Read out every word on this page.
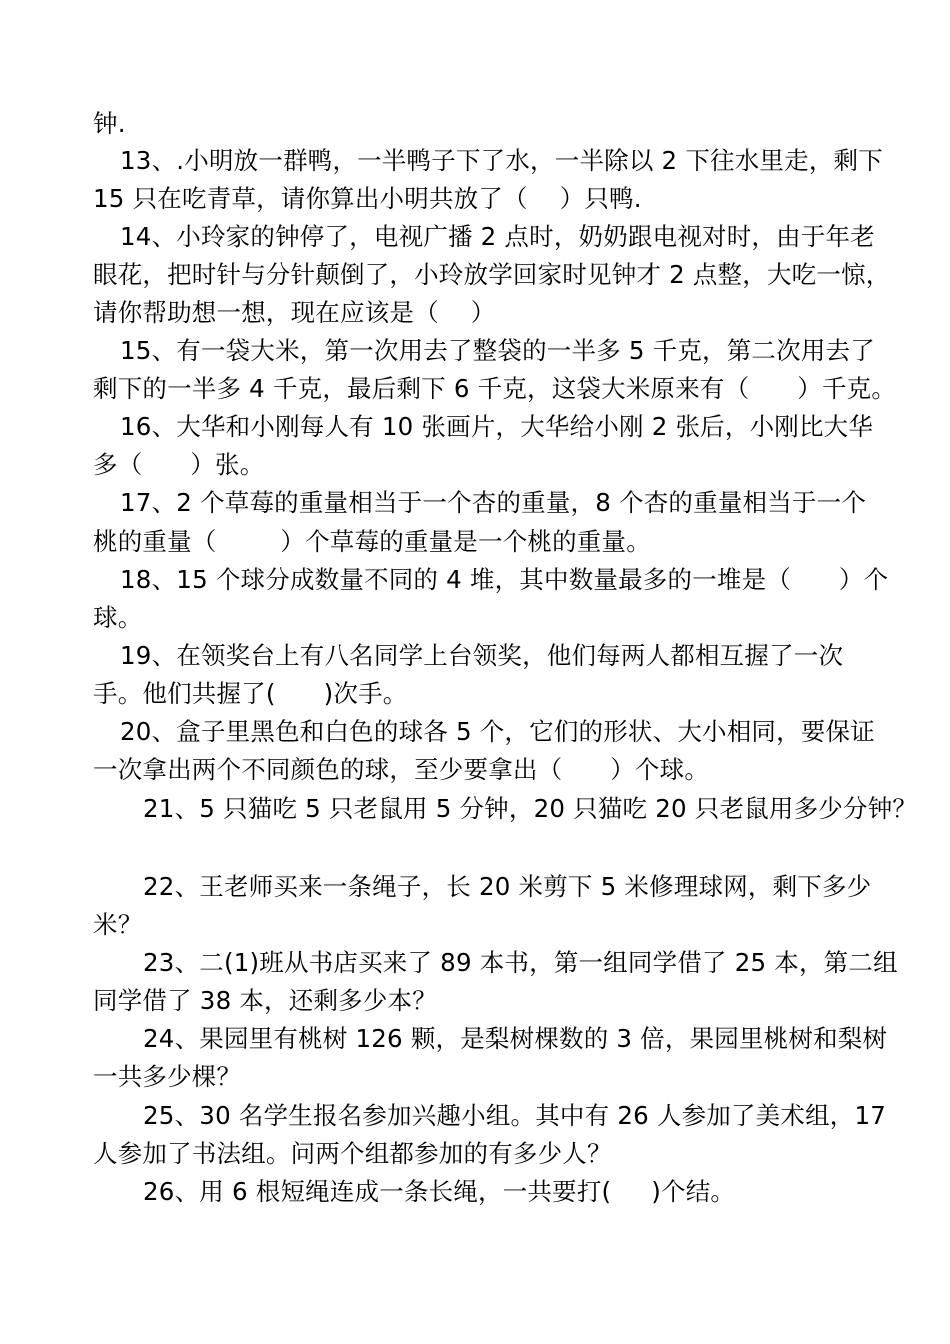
钟.
13、.小明放一群鸭，一半鸭子下了水，一半除以 2 下往水里走，剩下
15 只在吃青草，请你算出小明共放了（    ）只鸭.
14、小玲家的钟停了，电视广播 2 点时，奶奶跟电视对时，由于年老
眼花，把时针与分针颠倒了，小玲放学回家时见钟才 2 点整，大吃一惊，
请你帮助想一想，现在应该是（    ）
15、有一袋大米，第一次用去了整袋的一半多 5 千克，第二次用去了
剩下的一半多 4 千克，最后剩下 6 千克，这袋大米原来有（      ）千克。
16、大华和小刚每人有 10 张画片，大华给小刚 2 张后，小刚比大华
多（      ）张。
17、2 个草莓的重量相当于一个杏的重量，8 个杏的重量相当于一个
桃的重量（        ）个草莓的重量是一个桃的重量。
18、15 个球分成数量不同的 4 堆，其中数量最多的一堆是（      ）个
球。
19、在领奖台上有八名同学上台领奖，他们每两人都相互握了一次
手。他们共握了(      )次手。
20、盒子里黑色和白色的球各 5 个，它们的形状、大小相同，要保证
一次拿出两个不同颜色的球，至少要拿出（      ）个球。
21、5 只猫吃 5 只老鼠用 5 分钟，20 只猫吃 20 只老鼠用多少分钟？
22、王老师买来一条绳子，长 20 米剪下 5 米修理球网，剩下多少
米？
23、二(1)班从书店买来了 89 本书，第一组同学借了 25 本，第二组
同学借了 38 本，还剩多少本？
24、果园里有桃树 126 颗，是梨树棵数的 3 倍，果园里桃树和梨树
一共多少棵？
25、30 名学生报名参加兴趣小组。其中有 26 人参加了美术组，17
人参加了书法组。问两个组都参加的有多少人？
26、用 6 根短绳连成一条长绳，一共要打(     )个结。
